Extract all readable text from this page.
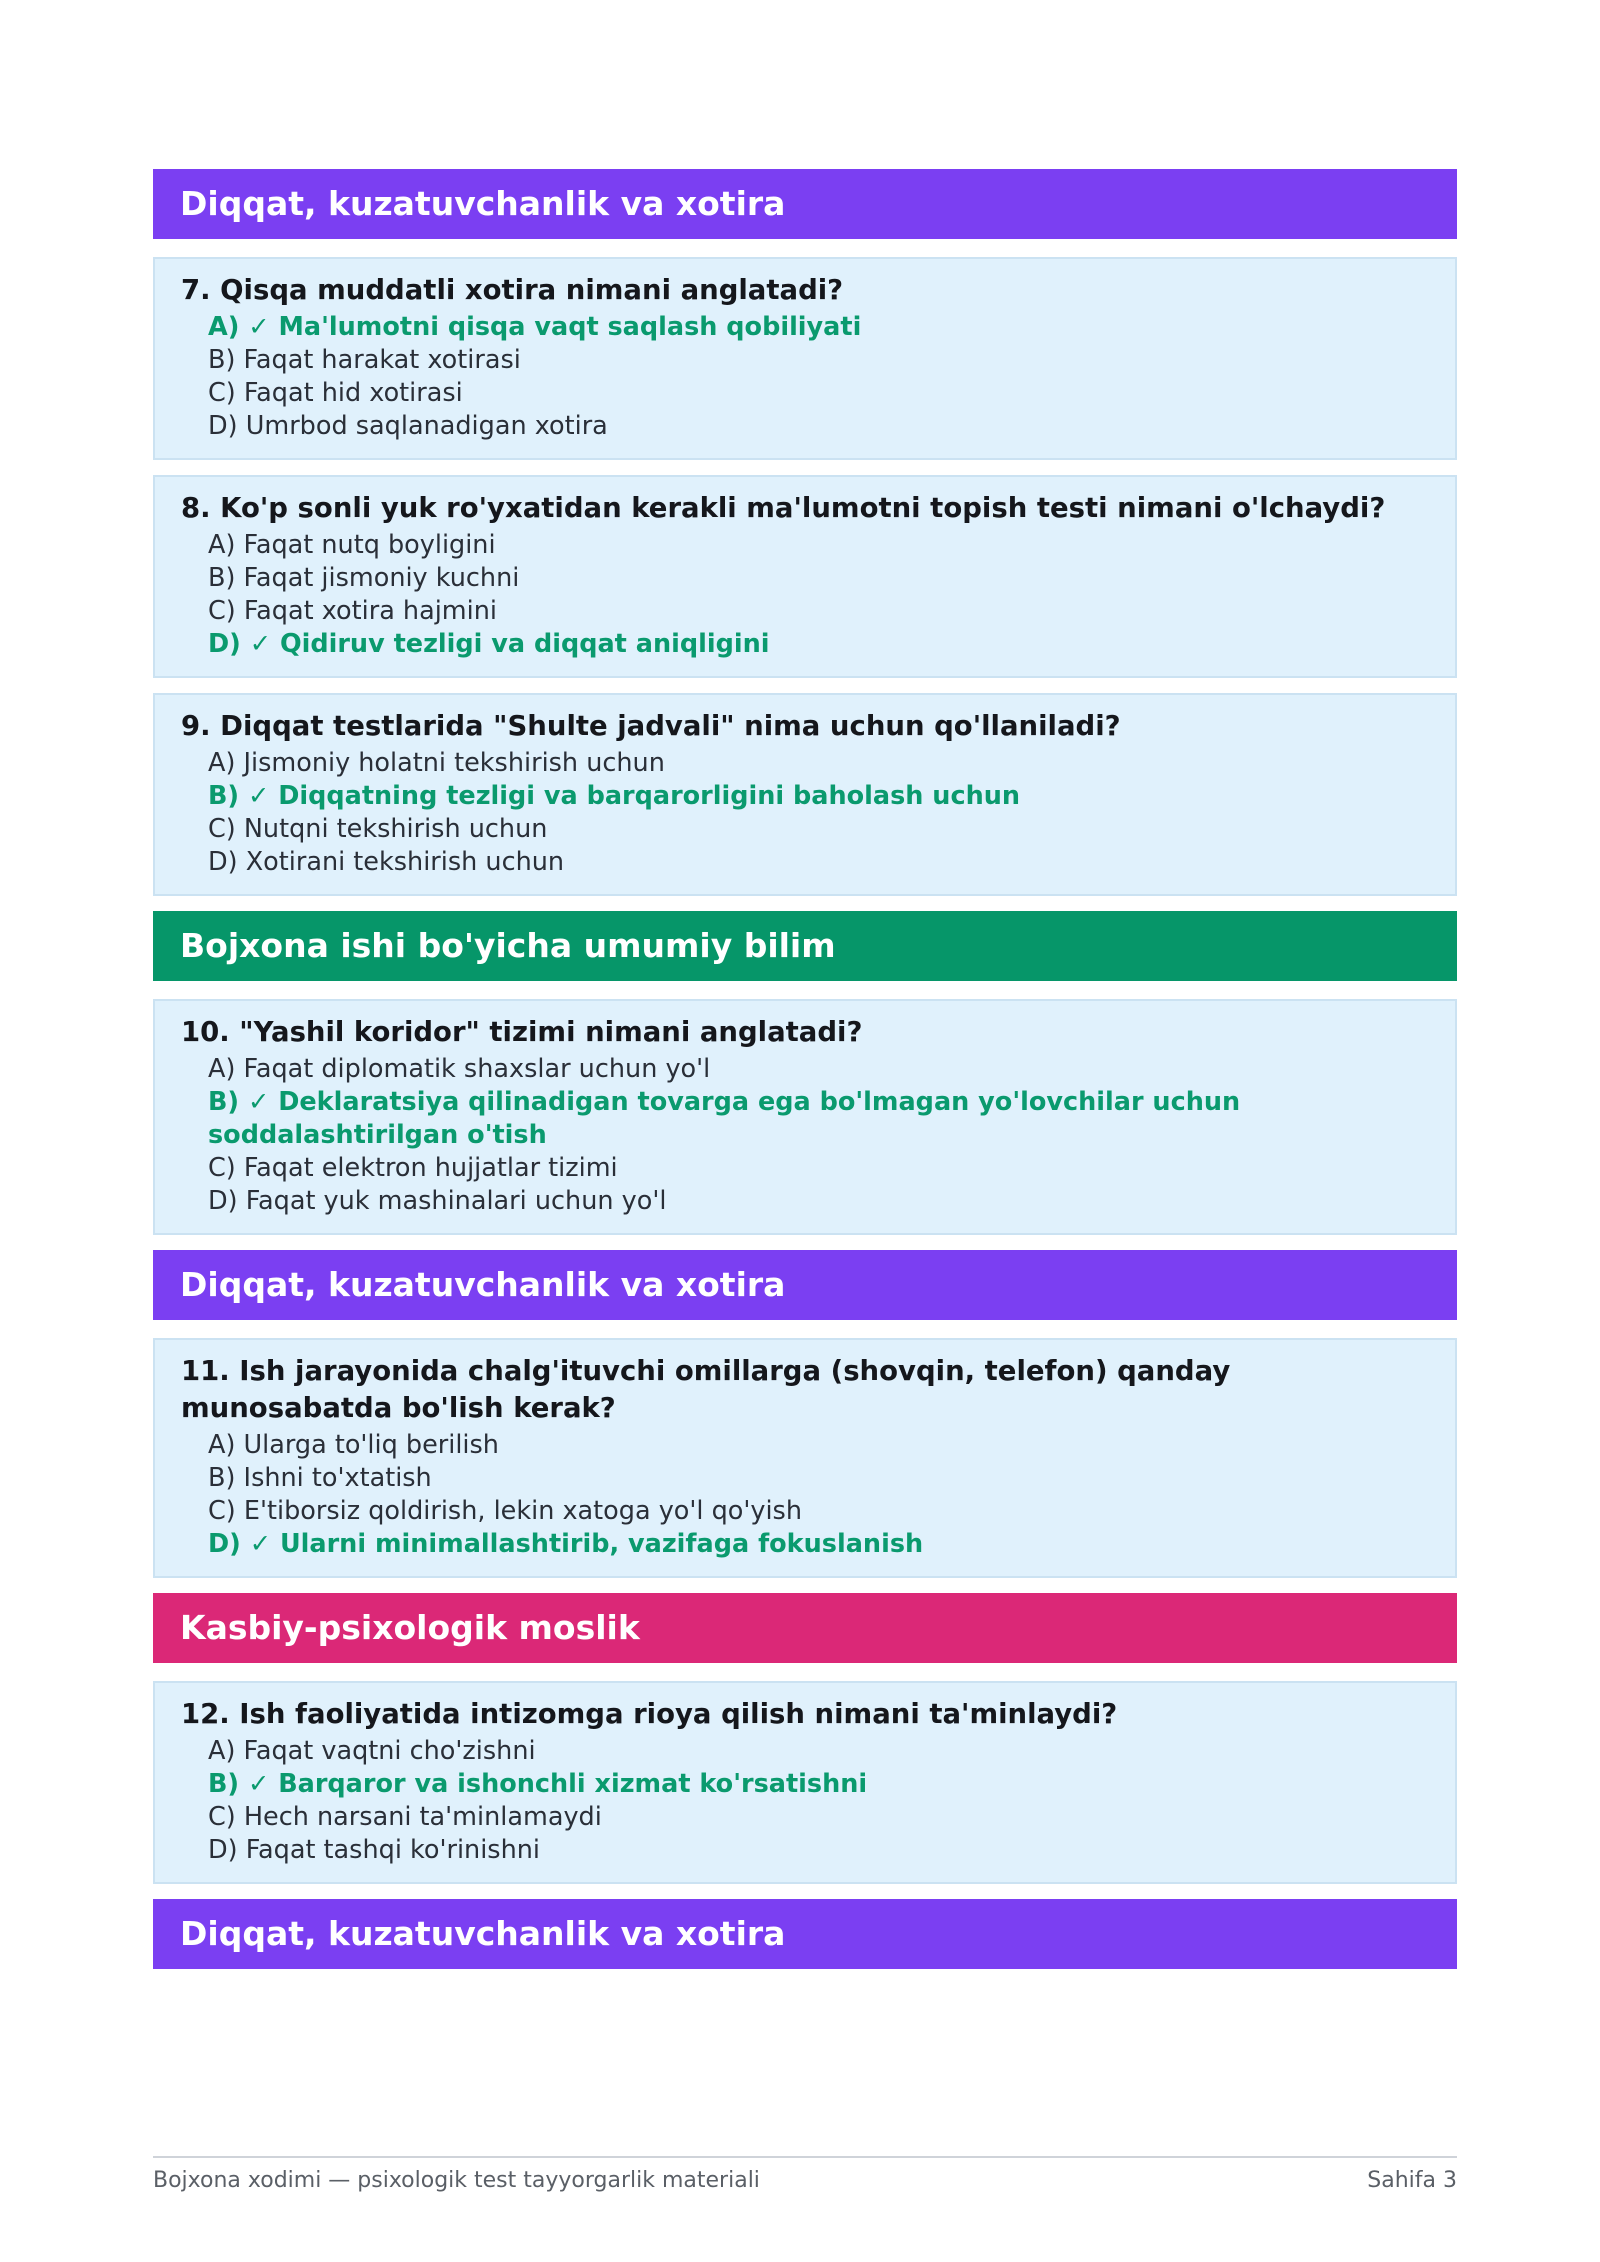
Diqqat, kuzatuvchanlik va xotira
7. Qisqa muddatli xotira nimani anglatadi?
A) ✓ Ma'lumotni qisqa vaqt saqlash qobiliyati
B) Faqat harakat xotirasi
C) Faqat hid xotirasi
D) Umrbod saqlanadigan xotira
8. Ko'p sonli yuk ro'yxatidan kerakli ma'lumotni topish testi nimani o'lchaydi?
A) Faqat nutq boyligini
B) Faqat jismoniy kuchni
C) Faqat xotira hajmini
D) ✓ Qidiruv tezligi va diqqat aniqligini
9. Diqqat testlarida "Shulte jadvali" nima uchun qo'llaniladi?
A) Jismoniy holatni tekshirish uchun
B) ✓ Diqqatning tezligi va barqarorligini baholash uchun
C) Nutqni tekshirish uchun
D) Xotirani tekshirish uchun
Bojxona ishi bo'yicha umumiy bilim
10. "Yashil koridor" tizimi nimani anglatadi?
A) Faqat diplomatik shaxslar uchun yo'l
B) ✓ Deklaratsiya qilinadigan tovarga ega bo'lmagan yo'lovchilar uchun soddalashtirilgan o'tish
C) Faqat elektron hujjatlar tizimi
D) Faqat yuk mashinalari uchun yo'l
Diqqat, kuzatuvchanlik va xotira
11. Ish jarayonida chalg'ituvchi omillarga (shovqin, telefon) qanday munosabatda bo'lish kerak?
A) Ularga to'liq berilish
B) Ishni to'xtatish
C) E'tiborsiz qoldirish, lekin xatoga yo'l qo'yish
D) ✓ Ularni minimallashtirib, vazifaga fokuslanish
Kasbiy-psixologik moslik
12. Ish faoliyatida intizomga rioya qilish nimani ta'minlaydi?
A) Faqat vaqtni cho'zishni
B) ✓ Barqaror va ishonchli xizmat ko'rsatishni
C) Hech narsani ta'minlamaydi
D) Faqat tashqi ko'rinishni
Diqqat, kuzatuvchanlik va xotira
Bojxona xodimi — psixologik test tayyorgarlik materiali	Sahifa 3
